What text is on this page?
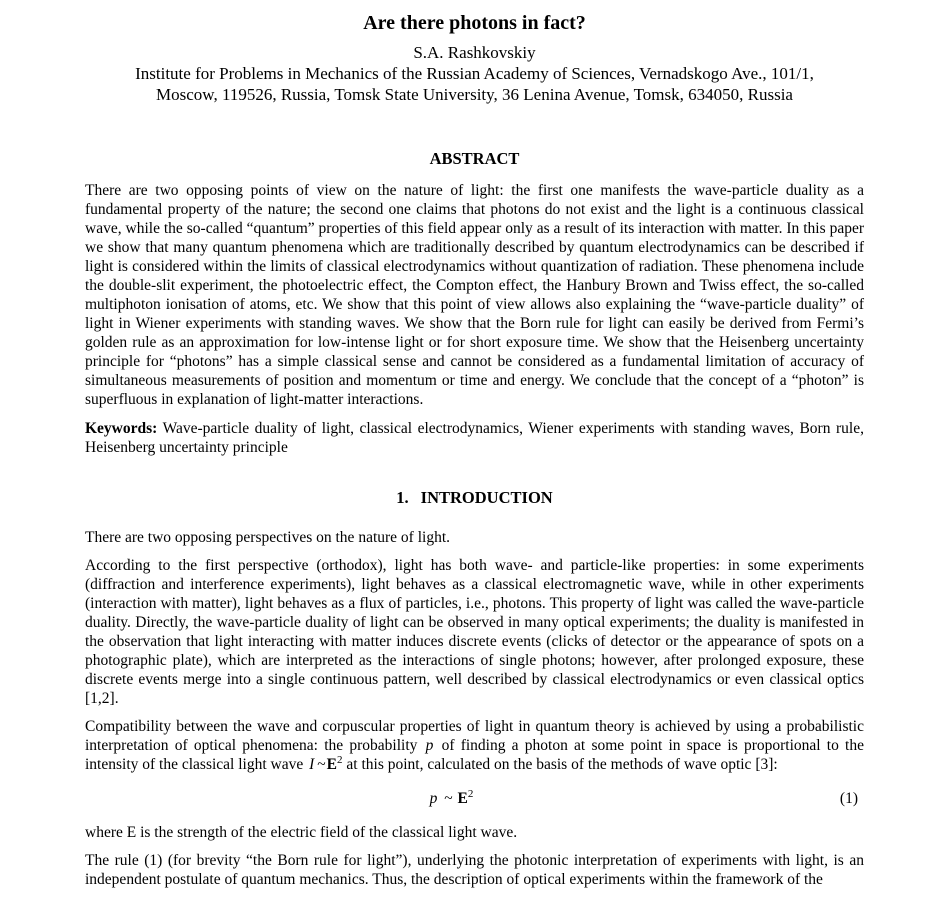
Are there photons in fact?
S.A. Rashkovskiy
Institute for Problems in Mechanics of the Russian Academy of Sciences, Vernadskogo Ave., 101/1,
Moscow, 119526, Russia, Tomsk State University, 36 Lenina Avenue, Tomsk, 634050, Russia
ABSTRACT

There are two opposing points of view on the nature of light: the first one manifests the wave-particle duality as a fundamental property of the nature; the second one claims that photons do not exist and the light is a continuous classical wave, while the so-called “quantum” properties of this field appear only as a result of its interaction with matter. In this paper we show that many quantum phenomena which are traditionally described by quantum electrodynamics can be described if light is considered within the limits of classical electrodynamics without quantization of radiation. These phenomena include the double-slit experiment, the photoelectric effect, the Compton effect, the Hanbury Brown and Twiss effect, the so-called multiphoton ionisation of atoms, etc. We show that this point of view allows also explaining the “wave-particle duality” of light in Wiener experiments with standing waves. We show that the Born rule for light can easily be derived from Fermi’s golden rule as an approximation for low-intense light or for short exposure time. We show that the Heisenberg uncertainty principle for “photons” has a simple classical sense and cannot be considered as a fundamental limitation of accuracy of simultaneous measurements of position and momentum or time and energy. We conclude that the concept of a “photon” is superfluous in explanation of light-matter interactions.

Keywords: Wave-particle duality of light, classical electrodynamics, Wiener experiments with standing waves, Born rule, Heisenberg uncertainty principle

1. INTRODUCTION

There are two opposing perspectives on the nature of light.

According to the first perspective (orthodox), light has both wave- and particle-like properties: in some experiments (diffraction and interference experiments), light behaves as a classical electromagnetic wave, while in other experiments (interaction with matter), light behaves as a flux of particles, i.e., photons. This property of light was called the wave-particle duality. Directly, the wave-particle duality of light can be observed in many optical experiments; the duality is manifested in the observation that light interacting with matter induces discrete events (clicks of detector or the appearance of spots on a photographic plate), which are interpreted as the interactions of single photons; however, after prolonged exposure, these discrete events merge into a single continuous pattern, well described by classical electrodynamics or even classical optics [1,2].

Compatibility between the wave and corpuscular properties of light in quantum theory is achieved by using a probabilistic interpretation of optical phenomena: the probability p of finding a photon at some point in space is proportional to the intensity of the classical light wave I $\sim E^2$ at this point, calculated on the basis of the methods of wave optic [3]:

p ~ $E^2$	(1)

where E is the strength of the electric field of the classical light wave.

The rule (1) (for brevity “the Born rule for light”), underlying the photonic interpretation of experiments with light, is an independent postulate of quantum mechanics. Thus, the description of optical experiments within the framework of the
